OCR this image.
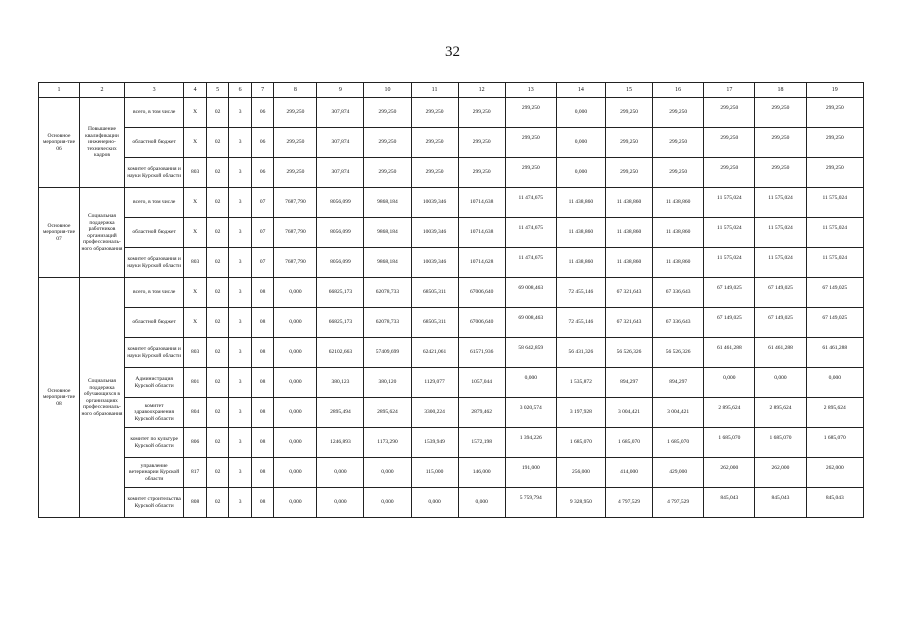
32
1	2	3	4	5	6	7	8	9	10	11	12	13	14	15	16	17	18	19
Основное мероприя-тие 06	Повышение квалификации инженерно-технических кадров	всего, в том числе	Х	02	3	06	299,250	307,874	299,250	299,250	299,250	299,250	0,000	299,250	299,250	299,250	299,250	299,250
		областной бюджет	Х	02	3	06	299,250	307,874	299,250	299,250	299,250	299,250	0,000	299,250	299,250	299,250	299,250	299,250
		комитет образования и науки Курской области	803	02	3	06	299,250	307,874	299,250	299,250	299,250	299,250	0,000	299,250	299,250	299,250	299,250	299,250
Основное мероприя-тие 07	Социальная поддержка работников организаций профессиональ-ного образования	всего, в том числе	Х	02	3	07	7687,790	8056,099	9868,184	10039,346	10714,638	11 474,675	11 438,860	11 438,860	11 438,860	11 575,024	11 575,024	11 575,024
		областной бюджет	Х	02	3	07	7687,790	8056,099	9868,184	10039,346	10714,638	11 474,675	11 438,860	11 438,860	11 438,860	11 575,024	11 575,024	11 575,024
		комитет образования и науки Курской области	803	02	3	07	7687,790	8056,099	9868,184	10039,346	10714,628	11 474,675	11 438,860	11 438,860	11 438,860	11 575,024	11 575,024	11 575,024
Основное мероприя-тие 08	Социальная поддержка обучающихся в организациях профессиональ-ного образования	всего, в том числе	Х	02	3	08	0,000	66825,173	62078,733	68505,311	67006,640	69 008,463	72 455,146	67 321,643	67 336,643	67 149,025	67 149,025	67 149,025
		областной бюджет	Х	02	3	08	0,000	66825,173	62078,733	68505,311	67006,640	69 008,463	72 455,146	67 321,643	67 336,643	67 149,025	67 149,025	67 149,025
		комитет образования и науки Курской области	803	02	3	08	0,000	62102,663	57409,699	62421,061	61571,936	58 642,859	56 431,326	56 526,326	56 526,326	61 461,288	61 461,288	61 461,288
		Администрация Курской области	801	02	3	08	0,000	380,123	380,120	1129,077	1057,044	0,000	1 535,872	894,297	894,297	0,000	0,000	0,000
		комитет здравоохранения Курской области	804	02	3	08	0,000	2895,494	2895,624	3300,224	2879,462	3 020,574	3 197,928	3 004,421	3 004,421	2 895,624	2 895,624	2 895,624
		комитет по культуре Курской области	806	02	3	08	0,000	1246,893	1173,290	1539,949	1572,198	1 394,226	1 685,070	1 685,070	1 685,070	1 685,070	1 685,070	1 685,070
		управление ветеринарии Курской области	817	02	3	08	0,000	0,000	0,000	115,000	146,000	191,000	256,000	414,000	429,000	262,000	262,000	262,000
		комитет строительства Курской области	808	02	3	08	0,000	0,000	0,000	0,000	0,000	5 759,794	9 328,950	4 797,529	4 797,529	845,043	845,043	845,043
